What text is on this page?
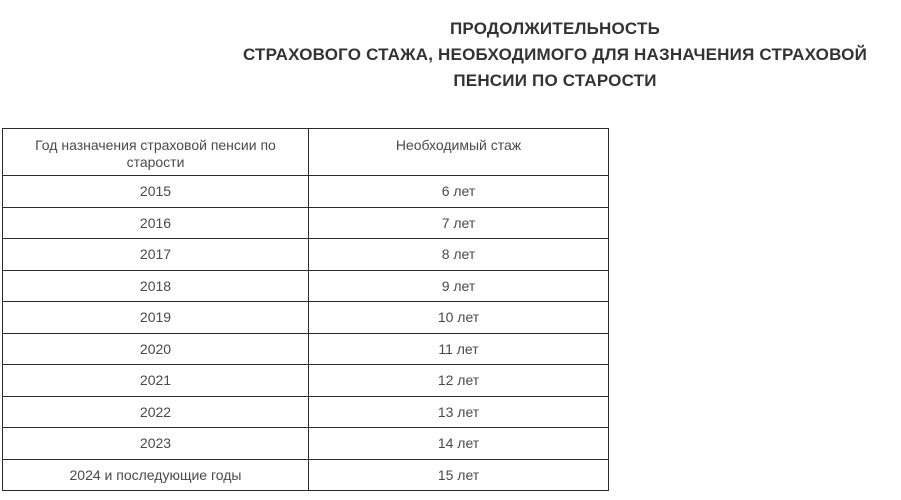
ПРОДОЛЖИТЕЛЬНОСТЬ
СТРАХОВОГО СТАЖА, НЕОБХОДИМОГО ДЛЯ НАЗНАЧЕНИЯ СТРАХОВОЙ
ПЕНСИИ ПО СТАРОСТИ
Год назначения страховой пенсии по старости	Необходимый стаж
2015	6 лет
2016	7 лет
2017	8 лет
2018	9 лет
2019	10 лет
2020	11 лет
2021	12 лет
2022	13 лет
2023	14 лет
2024 и последующие годы	15 лет
